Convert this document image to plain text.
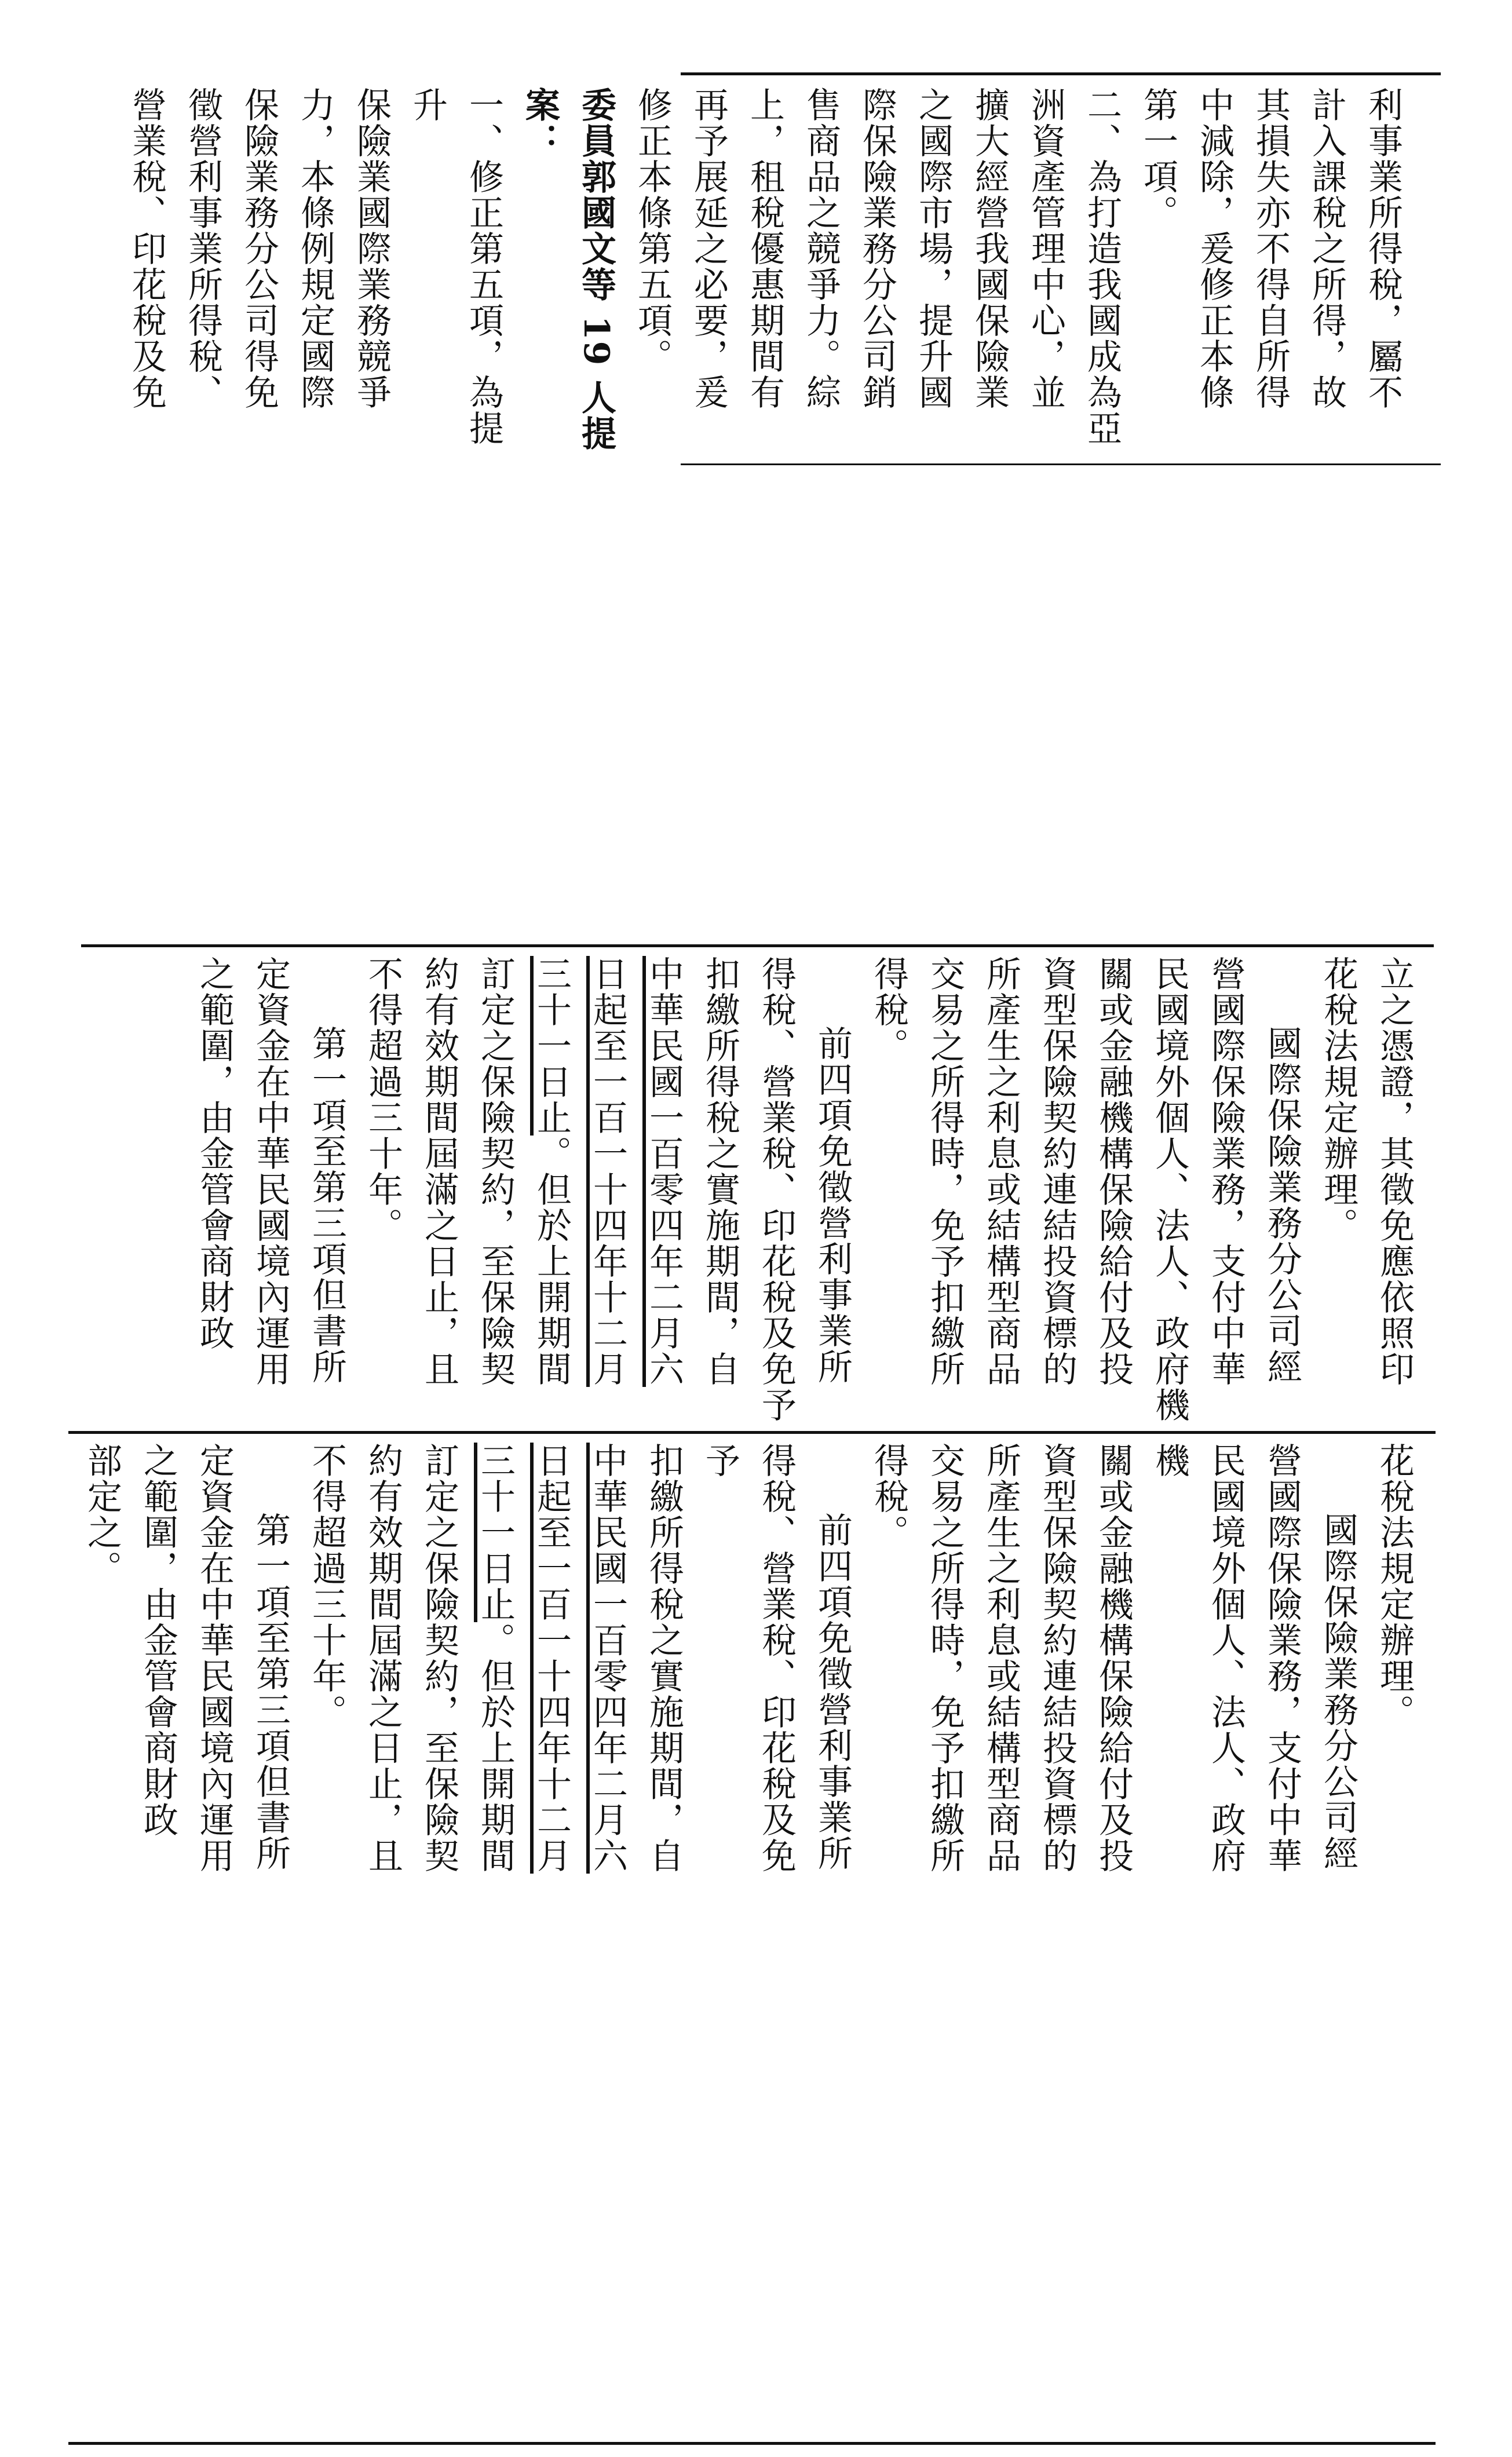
利事業所得稅，屬不
計入課稅之所得，故
其損失亦不得自所得
中減除，爰修正本條
第一項。
二、為打造我國成為亞
洲資產管理中心，並
擴大經營我國保險業
之國際市場，提升國
際保險業務分公司銷
售商品之競爭力。綜
上，租稅優惠期間有
再予展延之必要，爰
修正本條第五項。
委員郭國文等 19 人提
案：
一、修正第五項，為提升
保險業國際業務競爭
力，本條例規定國際
保險業務分公司得免
徵營利事業所得稅、
營業稅、印花稅及免
立之憑證，其徵免應依照印
花稅法規定辦理。
國際保險業務分公司經
營國際保險業務，支付中華
民國境外個人、法人、政府機
關或金融機構保險給付及投
資型保險契約連結投資標的
所產生之利息或結構型商品
交易之所得時，免予扣繳所
得稅。
前四項免徵營利事業所
得稅、營業稅、印花稅及免予
扣繳所得稅之實施期間，自
中華民國一百零四年二月六
日起至一百一十四年十二月
三十一日止。但於上開期間
訂定之保險契約，至保險契
約有效期間屆滿之日止，且
不得超過三十年。
第一項至第三項但書所
定資金在中華民國境內運用
之範圍，由金管會商財政
花稅法規定辦理。
國際保險業務分公司經
營國際保險業務，支付中華
民國境外個人、法人、政府機
關或金融機構保險給付及投
資型保險契約連結投資標的
所產生之利息或結構型商品
交易之所得時，免予扣繳所
得稅。
前四項免徵營利事業所
得稅、營業稅、印花稅及免予
扣繳所得稅之實施期間，自
中華民國一百零四年二月六
日起至一百一十四年十二月
三十一日止。但於上開期間
訂定之保險契約，至保險契
約有效期間屆滿之日止，且
不得超過三十年。
第一項至第三項但書所
定資金在中華民國境內運用
之範圍，由金管會商財政
部定之。
